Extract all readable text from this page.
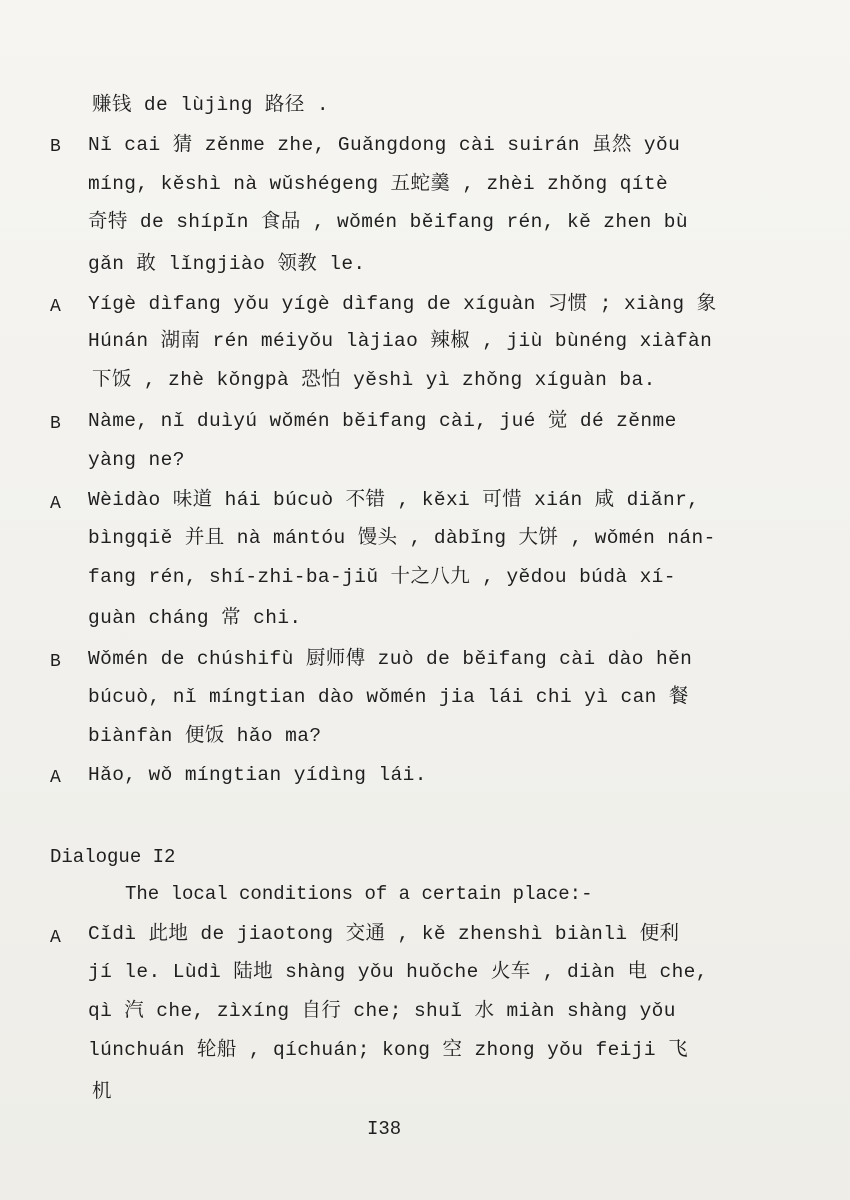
赚钱 de lùjìng 路径 .
B Nǐ cai 猜 zěnme zhe, Guǎngdong cài suirán 虽然 yǒu
míng, kěshì nà wǔshégeng 五蛇羹 , zhèi zhǒng qítè
奇特 de shípǐn 食品 , wǒmén běifang rén, kě zhen bù
gǎn 敢 lǐngjiào 领教 le.
A Yígè dìfang yǒu yígè dìfang de xíguàn 习惯 ; xiàng 象
Húnán 湖南 rén méiyǒu làjiao 辣椒 , jiù bùnéng xiàfàn
下饭 , zhè kǒngpà 恐怕 yěshì yì zhǒng xíguàn ba.
B Nàme, nǐ duìyú wǒmén běifang cài, jué 觉 dé zěnme
yàng ne?
A Wèidào 味道 hái búcuò 不错 , kěxi 可惜 xián 咸 diǎnr,
bìngqiě 并且 nà mántóu 馒头 , dàbǐng 大饼 , wǒmén nán-
fang rén, shí-zhi-ba-jiǔ 十之八九 , yědou búdà xí-
guàn cháng 常 chi.
B Wǒmén de chúshifù 厨师傅 zuò de běifang cài dào hěn
búcuò, nǐ míngtian dào wǒmén jia lái chi yì can 餐
biànfàn 便饭 hǎo ma?
A Hǎo, wǒ míngtian yídìng lái.
Dialogue I2
The local conditions of a certain place:-
A Cǐdì 此地 de jiaotong 交通 , kě zhenshì biànlì 便利
jí le. Lùdì 陆地 shàng yǒu huǒche 火车 , diàn 电 che,
qì 汽 che, zìxíng 自行 che; shuǐ 水 miàn shàng yǒu
lúnchuán 轮船 , qíchuán; kong 空 zhong yǒu feiji 飞
机
I38
